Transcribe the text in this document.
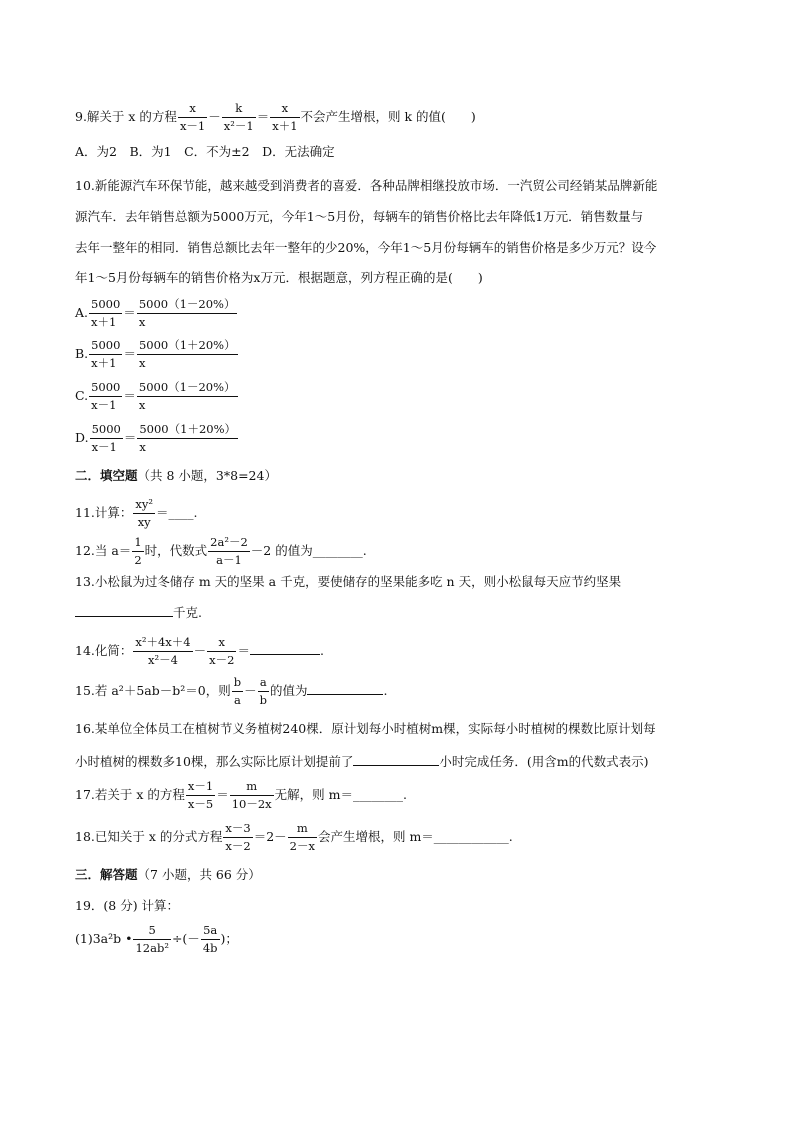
9.解关于 x 的方程 $\frac{x}{x-1} - \frac{k}{\text{x²－1}} = \frac{x}{x+1}$ 不会产生增根，则 k 的值(　　)
A．为2　B．为1　C．不为±2　D．无法确定
10.新能源汽车环保节能，越来越受到消费者的喜爱．各种品牌相继投放市场．一汽贸公司经销某品牌新能
源汽车．去年销售总额为5000万元，今年1～5月份，每辆车的销售价格比去年降低1万元．销售数量与
去年一整年的相同．销售总额比去年一整年的少20%，今年1～5月份每辆车的销售价格是多少万元？设今
年1～5月份每辆车的销售价格为x万元．根据题意，列方程正确的是(　　)
A. $\frac{5000}{x+1} = \frac{5000(1-20\%)}{x}$
B. $\frac{5000}{x+1} = \frac{5000(1+20\%)}{x}$
C. $\frac{5000}{x-1} = \frac{5000(1-20\%)}{x}$
D. $\frac{5000}{x-1} = \frac{5000(1+20\%)}{x}$
二．填空题（共 8 小题，3*8=24）
11.计算： $\frac{\text{xy²}}{xy}$ ＝____.
12.当 $a= \frac{1}{2}$ 时，代数式 $\frac{\text{2a²－2}}{a-1} -2$ 的值为________.
13.小松鼠为过冬储存 m 天的坚果 a 千克，要使储存的坚果能多吃 n 天，则小松鼠每天应节约坚果
千克.
14.化简： $\frac{\text{x²＋4x＋4}}{\text{x²－4}} - \frac{x}{x-2}$ ＝	.
15.若 a²＋5ab－b²＝0，则 $\frac{b}{a} - \frac{a}{b}$ 的值为	.
16.某单位全体员工在植树节义务植树240棵．原计划每小时植树m棵，实际每小时植树的棵数比原计划每
小时植树的棵数多10棵，那么实际比原计划提前了	小时完成任务．(用含m的代数式表示)
17.若关于 x 的方程 $\frac{x-1}{x-5} = \frac{m}{10-2x}$ 无解，则 m＝________.
18.已知关于 x 的分式方程 $\frac{x-3}{x-2} =2- \frac{m}{2-x}$ 会产生增根，则 m＝____________.
三．解答题（7 小题，共 66 分）
19．(8 分) 计算：
(1)3a²b • $\frac{5}{\text{12ab²}}$ ÷(－ $\frac{5a}{4b}$ )；
